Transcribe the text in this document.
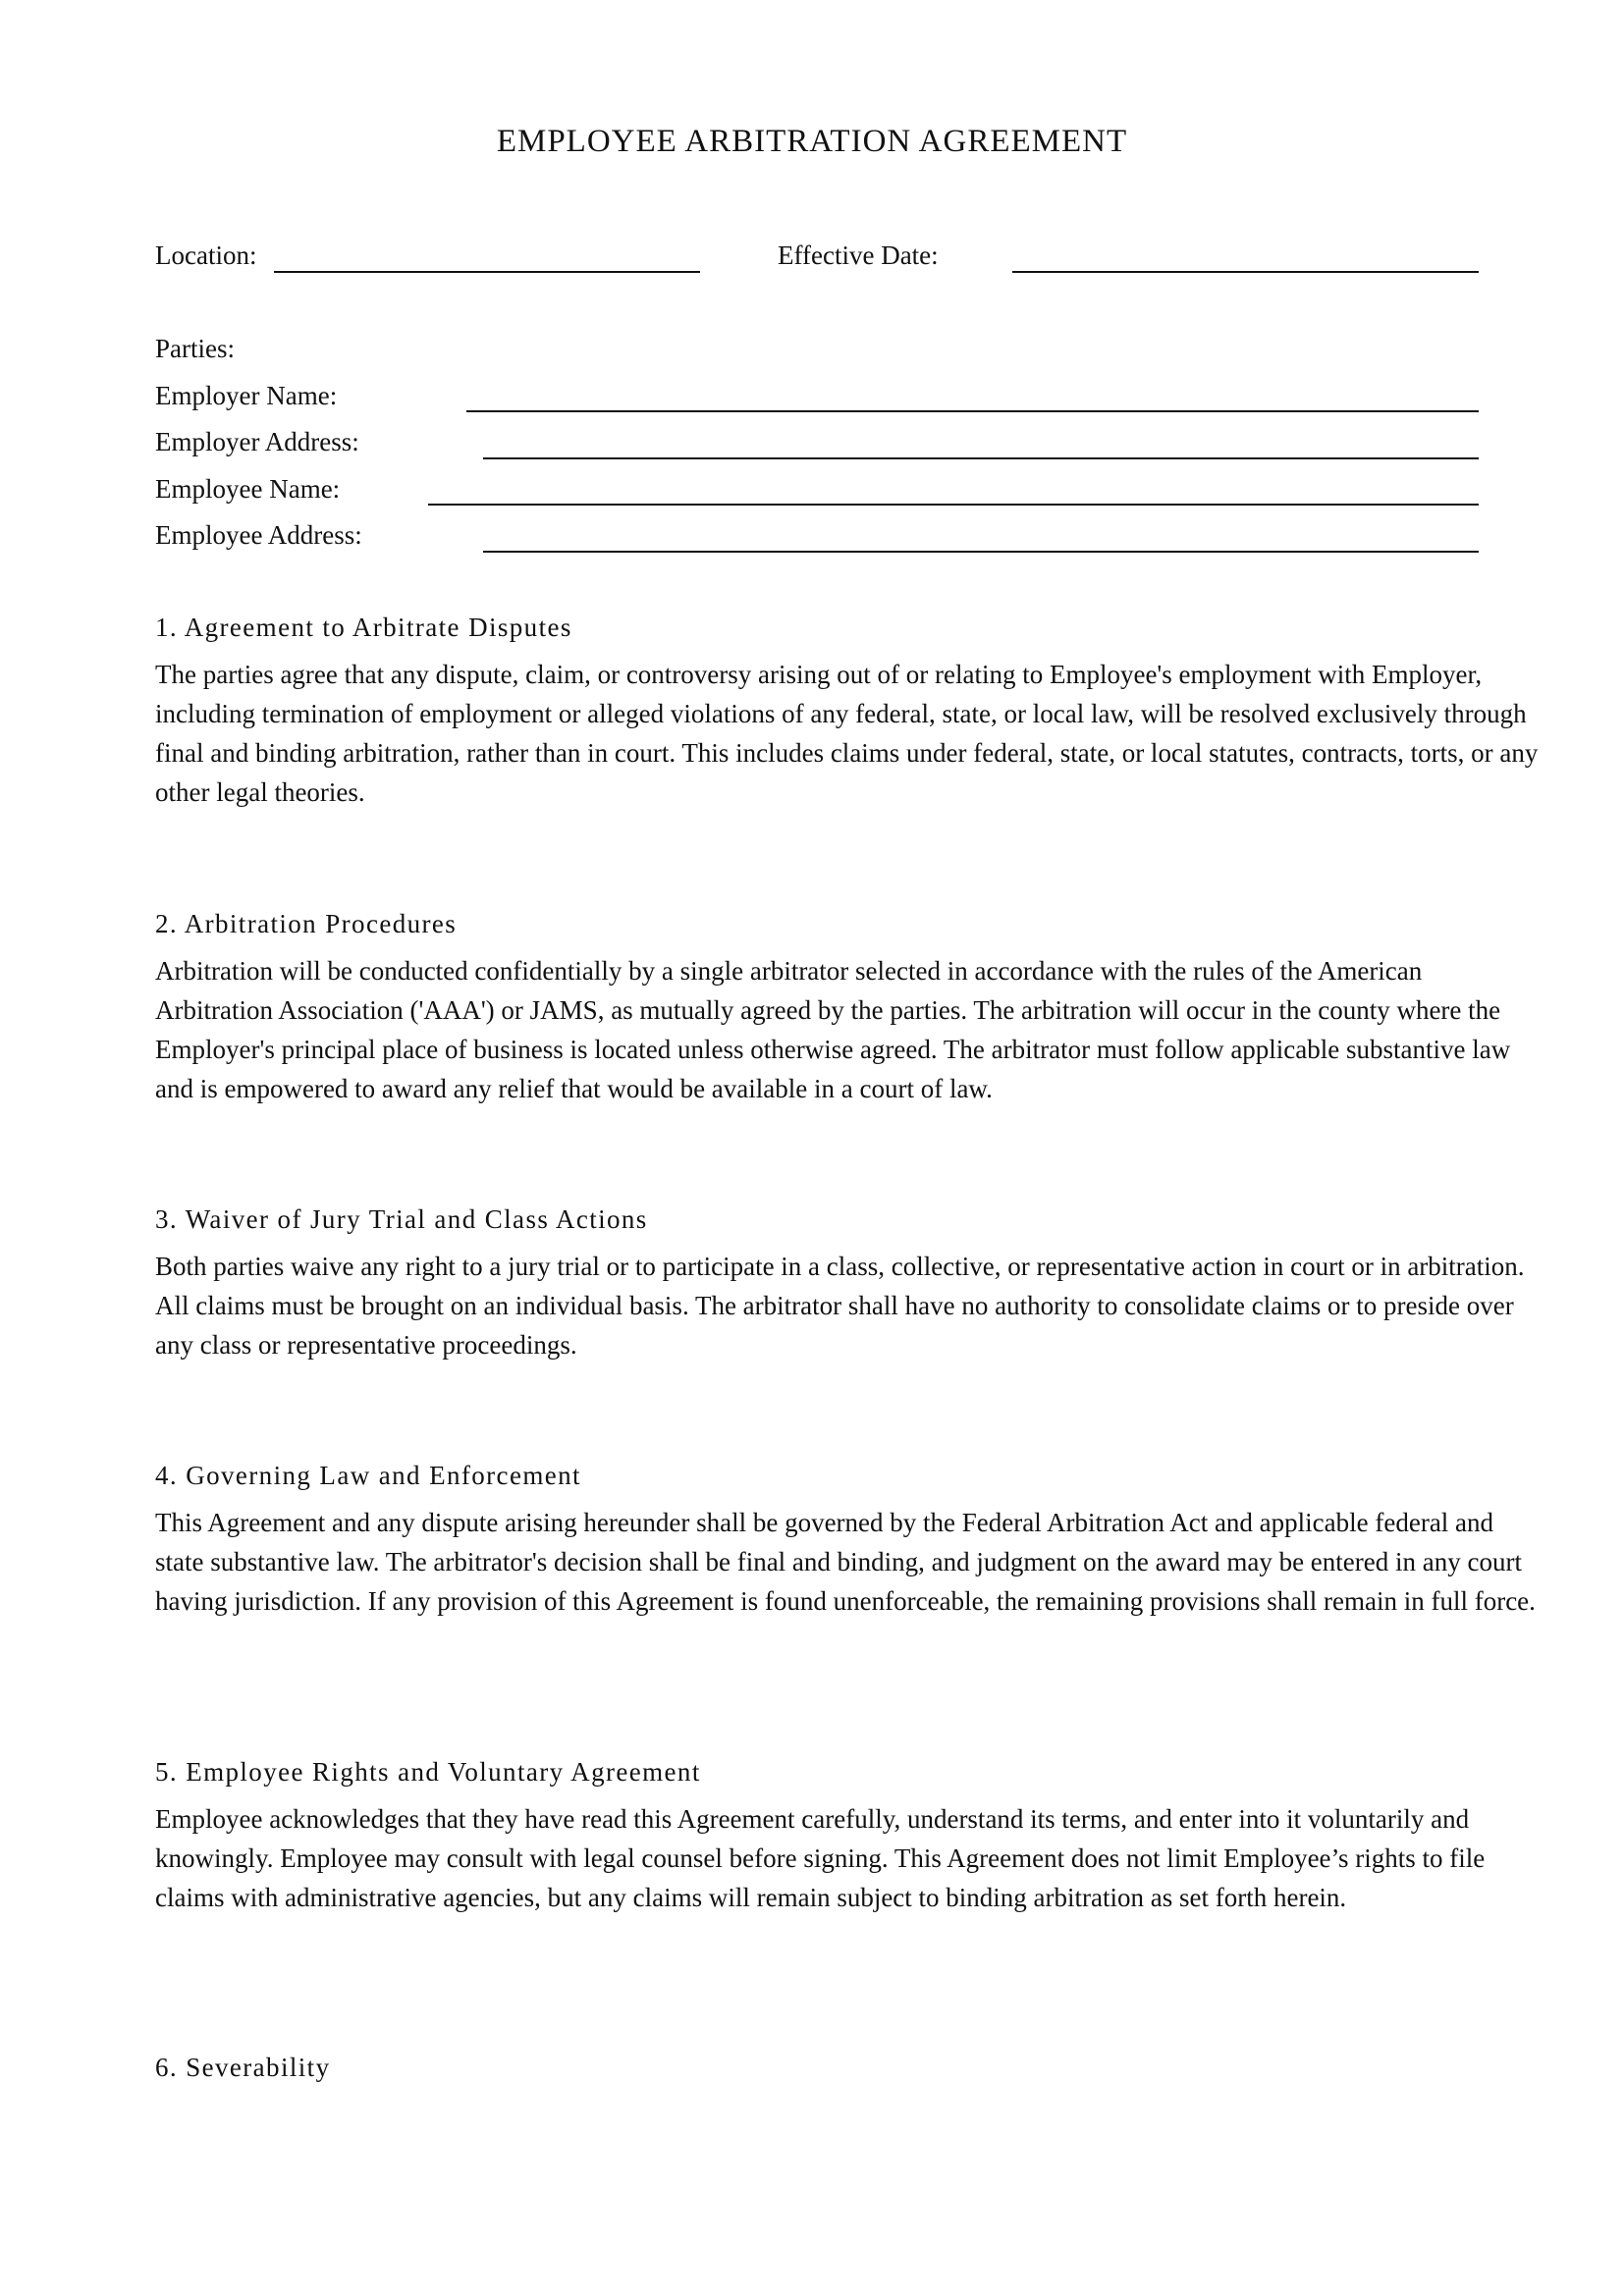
EMPLOYEE ARBITRATION AGREEMENT
Location:	Effective Date:
Parties:
Employer Name:
Employer Address:
Employee Name:
Employee Address:
1. Agreement to Arbitrate Disputes
The parties agree that any dispute, claim, or controversy arising out of or relating to Employee's employment with Employer, including termination of employment or alleged violations of any federal, state, or local law, will be resolved exclusively through final and binding arbitration, rather than in court. This includes claims under federal, state, or local statutes, contracts, torts, or any other legal theories.
2. Arbitration Procedures
Arbitration will be conducted confidentially by a single arbitrator selected in accordance with the rules of the American Arbitration Association ('AAA') or JAMS, as mutually agreed by the parties. The arbitration will occur in the county where the Employer's principal place of business is located unless otherwise agreed. The arbitrator must follow applicable substantive law and is empowered to award any relief that would be available in a court of law.
3. Waiver of Jury Trial and Class Actions
Both parties waive any right to a jury trial or to participate in a class, collective, or representative action in court or in arbitration. All claims must be brought on an individual basis. The arbitrator shall have no authority to consolidate claims or to preside over any class or representative proceedings.
4. Governing Law and Enforcement
This Agreement and any dispute arising hereunder shall be governed by the Federal Arbitration Act and applicable federal and state substantive law. The arbitrator's decision shall be final and binding, and judgment on the award may be entered in any court having jurisdiction. If any provision of this Agreement is found unenforceable, the remaining provisions shall remain in full force.
5. Employee Rights and Voluntary Agreement
Employee acknowledges that they have read this Agreement carefully, understand its terms, and enter into it voluntarily and knowingly. Employee may consult with legal counsel before signing. This Agreement does not limit Employee’s rights to file claims with administrative agencies, but any claims will remain subject to binding arbitration as set forth herein.
6. Severability
